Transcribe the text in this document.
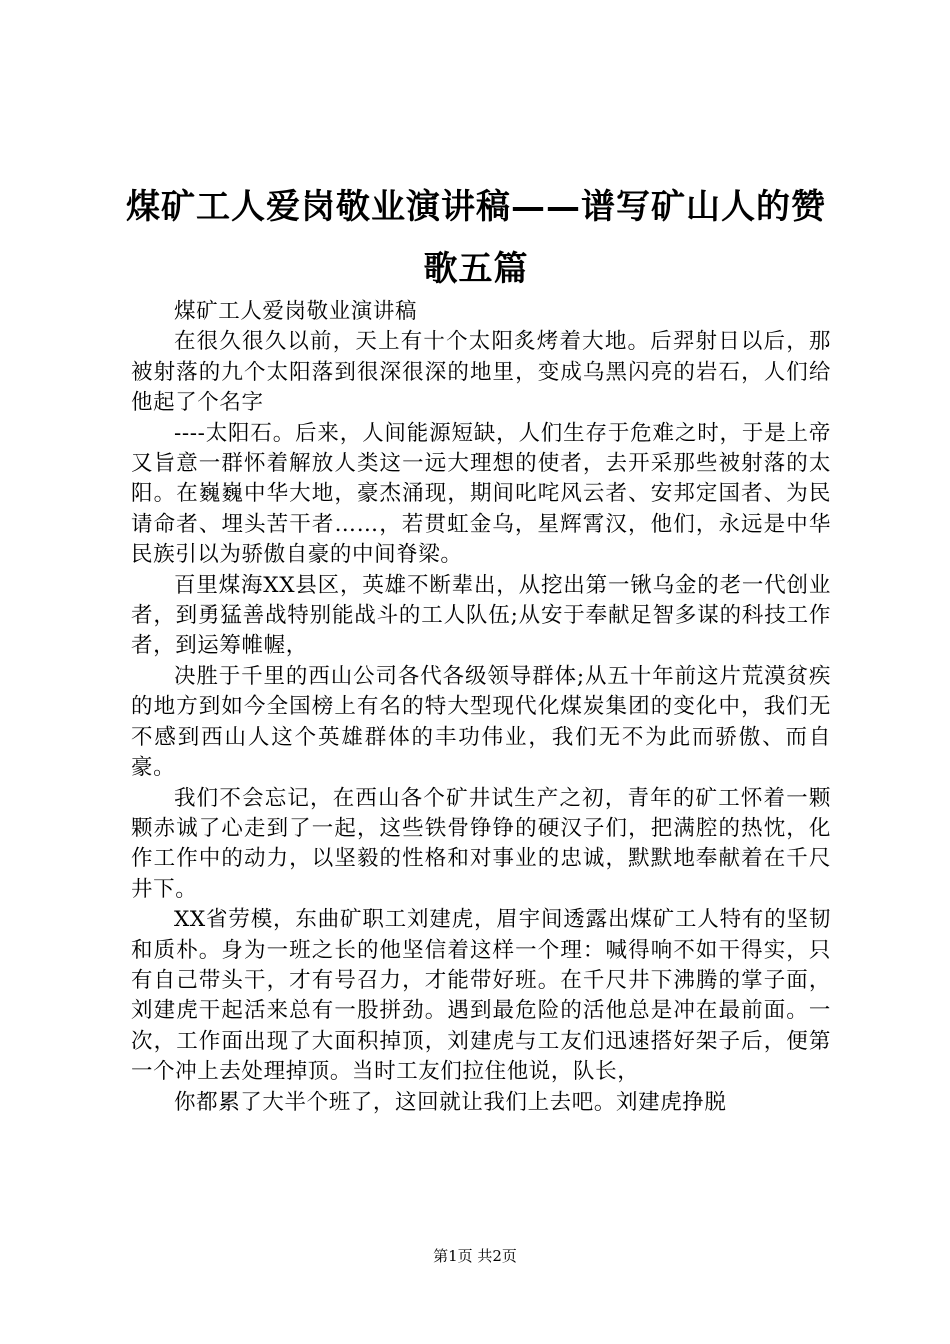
煤矿工人爱岗敬业演讲稿——谱写矿山人的赞歌五篇

煤矿工人爱岗敬业演讲稿

在很久很久以前，天上有十个太阳炙烤着大地。后羿射日以后，那被射落的九个太阳落到很深很深的地里，变成乌黑闪亮的岩石，人们给他起了个名字

----太阳石。后来，人间能源短缺，人们生存于危难之时，于是上帝又旨意一群怀着解放人类这一远大理想的使者，去开采那些被射落的太阳。在巍巍中华大地，豪杰涌现，期间叱咤风云者、安邦定国者、为民请命者、埋头苦干者……，若贯虹金乌，星辉霄汉，他们，永远是中华民族引以为骄傲自豪的中间脊梁。

百里煤海XX县区，英雄不断辈出，从挖出第一锹乌金的老一代创业者，到勇猛善战特别能战斗的工人队伍;从安于奉献足智多谋的科技工作者，到运筹帷幄，

决胜于千里的西山公司各代各级领导群体;从五十年前这片荒漠贫疾的地方到如今全国榜上有名的特大型现代化煤炭集团的变化中，我们无不感到西山人这个英雄群体的丰功伟业，我们无不为此而骄傲、而自豪。

我们不会忘记，在西山各个矿井试生产之初，青年的矿工怀着一颗颗赤诚了心走到了一起，这些铁骨铮铮的硬汉子们，把满腔的热忱，化作工作中的动力，以坚毅的性格和对事业的忠诚，默默地奉献着在千尺井下。

XX省劳模，东曲矿职工刘建虎，眉宇间透露出煤矿工人特有的坚韧和质朴。身为一班之长的他坚信着这样一个理：喊得响不如干得实，只有自己带头干，才有号召力，才能带好班。在千尺井下沸腾的掌子面，刘建虎干起活来总有一股拼劲。遇到最危险的活他总是冲在最前面。一次，工作面出现了大面积掉顶，刘建虎与工友们迅速搭好架子后，便第一个冲上去处理掉顶。当时工友们拉住他说，队长，

你都累了大半个班了，这回就让我们上去吧。刘建虎挣脱

第1页 共2页
